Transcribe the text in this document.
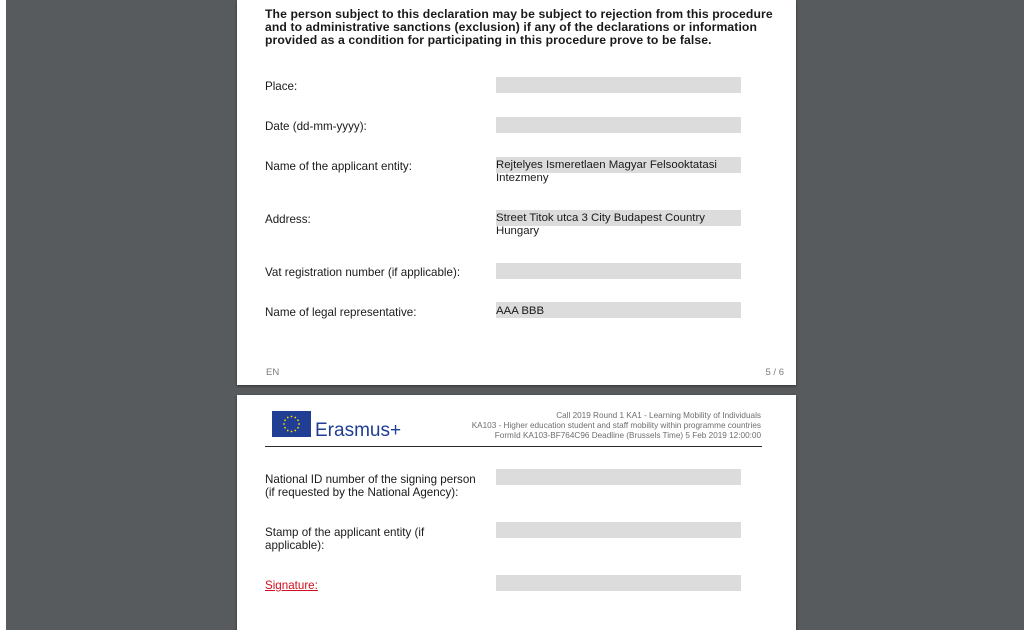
The person subject to this declaration may be subject to rejection from this procedure and to administrative sanctions (exclusion) if any of the declarations or information provided as a condition for participating in this procedure prove to be false.

Place:
Date (dd-mm-yyyy):
Name of the applicant entity:	Rejtelyes Ismeretlaen Magyar Felsooktatasi
Intezmeny
Address:	Street Titok utca 3 City Budapest Country
Hungary
Vat registration number (if applicable):
Name of legal representative:	AAA BBB
EN	5 / 6
Erasmus+
Call 2019 Round 1 KA1 - Learning Mobility of Individuals
KA103 - Higher education student and staff mobility within programme countries
FormId KA103-BF764C96 Deadline (Brussels Time) 5 Feb 2019 12:00:00
National ID number of the signing person
(if requested by the National Agency):
Stamp of the applicant entity (if
applicable):
Signature:
